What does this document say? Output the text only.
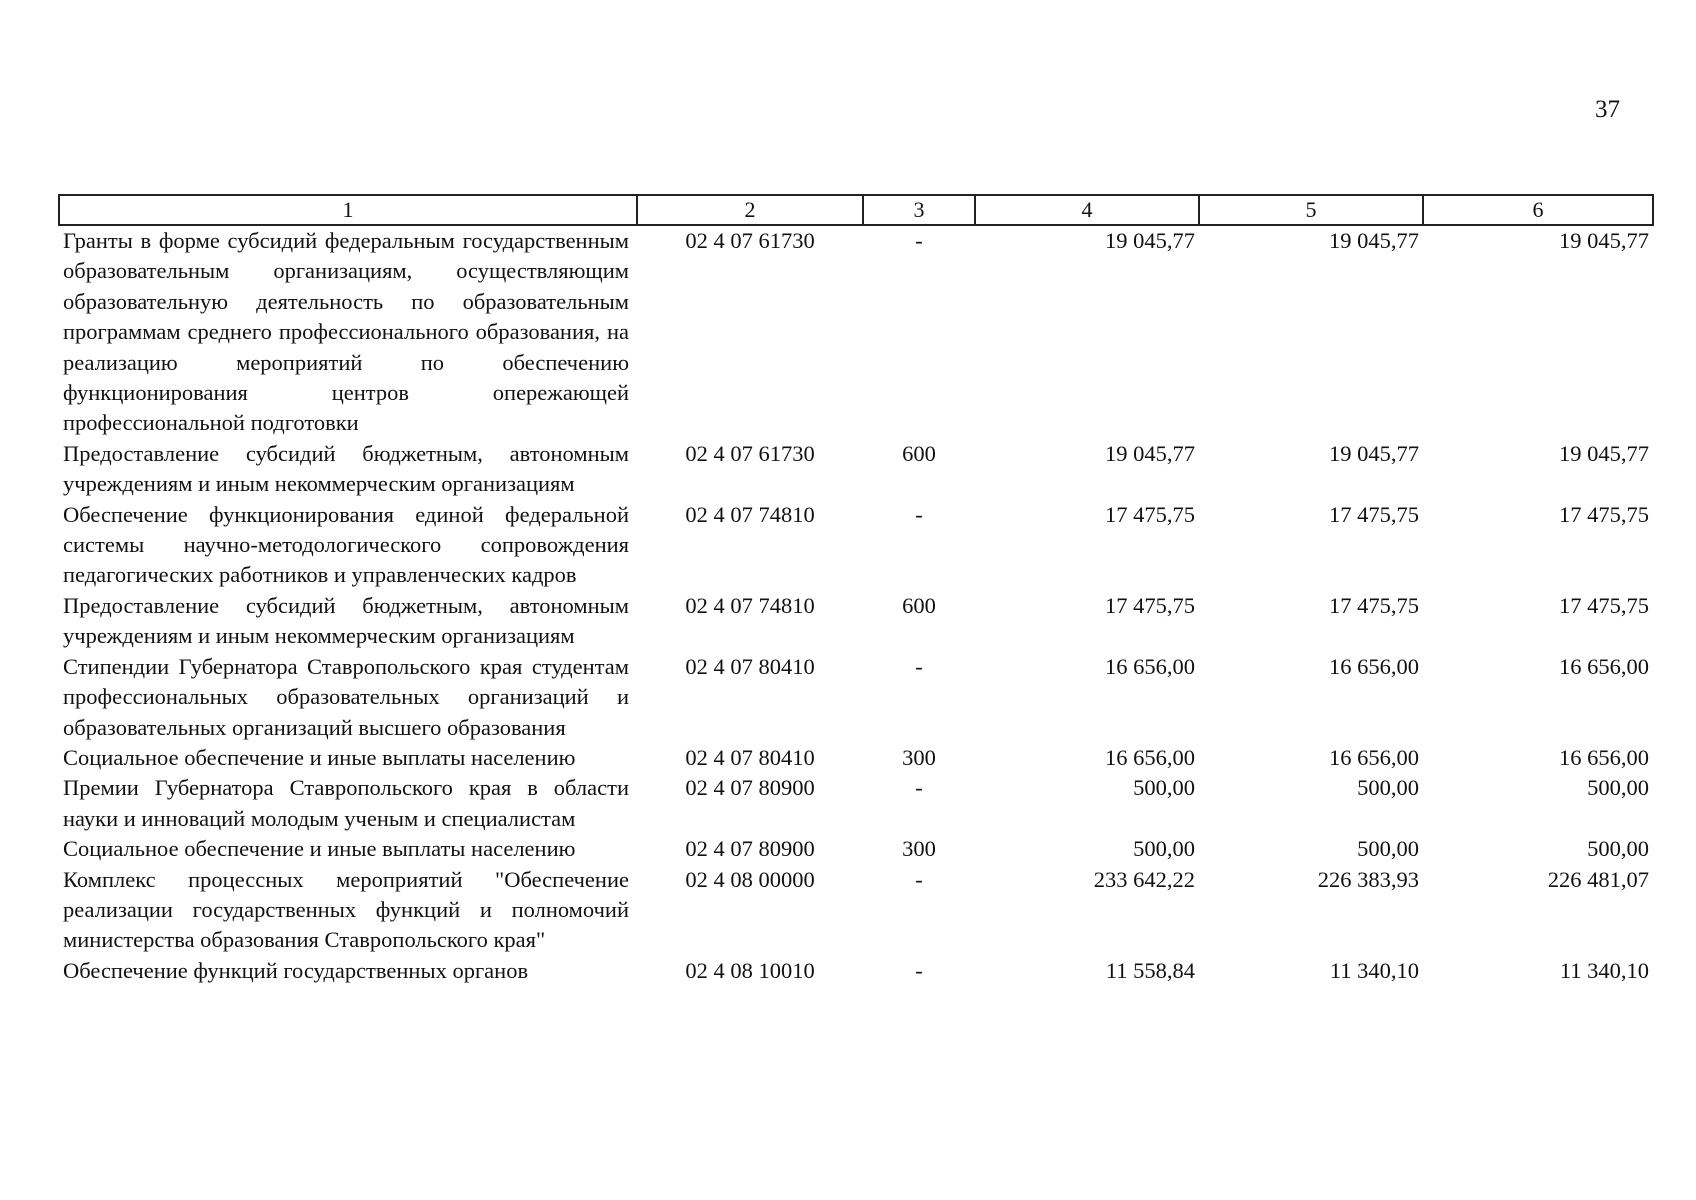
37
1	2	3	4	5	6
Гранты в форме субсидий федеральным государственным образовательным организациям, осуществляющим образовательную деятельность по образовательным программам среднего профессионального образования, на реализацию мероприятий по обеспечению функционирования центров опережающей профессиональной подготовки	02 4 07 61730	-	19 045,77	19 045,77	19 045,77
Предоставление субсидий бюджетным, автономным учреждениям и иным некоммерческим организациям	02 4 07 61730	600	19 045,77	19 045,77	19 045,77
Обеспечение функционирования единой федеральной системы научно-методологического сопровождения педагогических работников и управленческих кадров	02 4 07 74810	-	17 475,75	17 475,75	17 475,75
Предоставление субсидий бюджетным, автономным учреждениям и иным некоммерческим организациям	02 4 07 74810	600	17 475,75	17 475,75	17 475,75
Стипендии Губернатора Ставропольского края студентам профессиональных образовательных организаций и образовательных организаций высшего образования	02 4 07 80410	-	16 656,00	16 656,00	16 656,00
Социальное обеспечение и иные выплаты населению	02 4 07 80410	300	16 656,00	16 656,00	16 656,00
Премии Губернатора Ставропольского края в области науки и инноваций молодым ученым и специалистам	02 4 07 80900	-	500,00	500,00	500,00
Социальное обеспечение и иные выплаты населению	02 4 07 80900	300	500,00	500,00	500,00
Комплекс процессных мероприятий "Обеспечение реализации государственных функций и полномочий министерства образования Ставропольского края"	02 4 08 00000	-	233 642,22	226 383,93	226 481,07
Обеспечение функций государственных органов	02 4 08 10010	-	11 558,84	11 340,10	11 340,10
